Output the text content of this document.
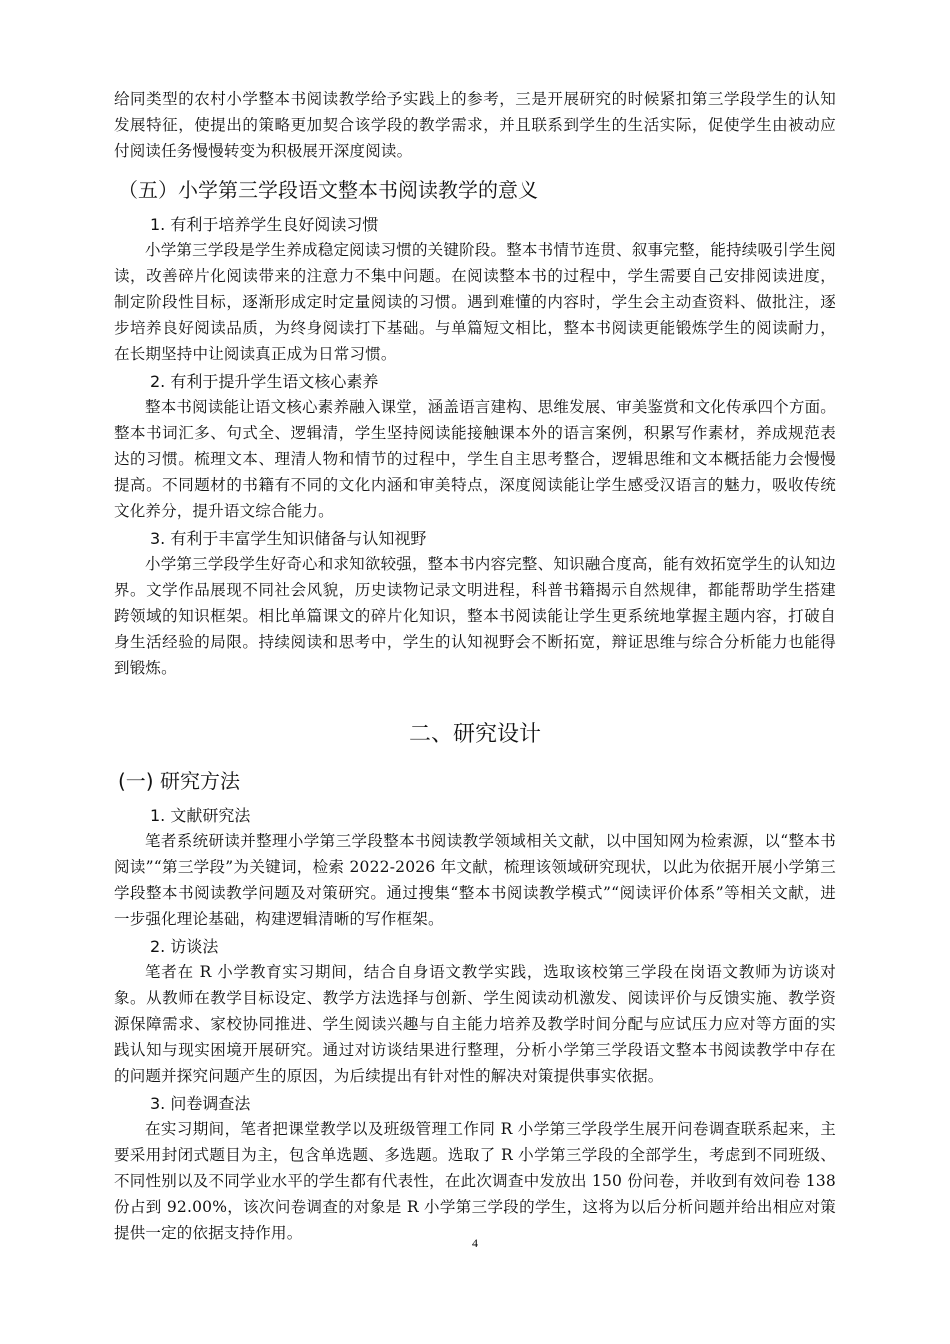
给同类型的农村小学整本书阅读教学给予实践上的参考，三是开展研究的时候紧扣第三学段学生的认知发展特征，使提出的策略更加契合该学段的教学需求，并且联系到学生的生活实际，促使学生由被动应付阅读任务慢慢转变为积极展开深度阅读。

（五）小学第三学段语文整本书阅读教学的意义
1. 有利于培养学生良好阅读习惯

小学第三学段是学生养成稳定阅读习惯的关键阶段。整本书情节连贯、叙事完整，能持续吸引学生阅读，改善碎片化阅读带来的注意力不集中问题。在阅读整本书的过程中，学生需要自己安排阅读进度，制定阶段性目标，逐渐形成定时定量阅读的习惯。遇到难懂的内容时，学生会主动查资料、做批注，逐步培养良好阅读品质，为终身阅读打下基础。与单篇短文相比，整本书阅读更能锻炼学生的阅读耐力，在长期坚持中让阅读真正成为日常习惯。

2. 有利于提升学生语文核心素养

整本书阅读能让语文核心素养融入课堂，涵盖语言建构、思维发展、审美鉴赏和文化传承四个方面。整本书词汇多、句式全、逻辑清，学生坚持阅读能接触课本外的语言案例，积累写作素材，养成规范表达的习惯。梳理文本、理清人物和情节的过程中，学生自主思考整合，逻辑思维和文本概括能力会慢慢提高。不同题材的书籍有不同的文化内涵和审美特点，深度阅读能让学生感受汉语言的魅力，吸收传统文化养分，提升语文综合能力。

3. 有利于丰富学生知识储备与认知视野

小学第三学段学生好奇心和求知欲较强，整本书内容完整、知识融合度高，能有效拓宽学生的认知边界。文学作品展现不同社会风貌，历史读物记录文明进程，科普书籍揭示自然规律，都能帮助学生搭建跨领域的知识框架。相比单篇课文的碎片化知识，整本书阅读能让学生更系统地掌握主题内容，打破自身生活经验的局限。持续阅读和思考中，学生的认知视野会不断拓宽，辩证思维与综合分析能力也能得到锻炼。

二、研究设计
(一) 研究方法
1. 文献研究法

笔者系统研读并整理小学第三学段整本书阅读教学领域相关文献，以中国知网为检索源，以“整本书阅读”“第三学段”为关键词，检索 2022-2026 年文献，梳理该领域研究现状，以此为依据开展小学第三学段整本书阅读教学问题及对策研究。通过搜集“整本书阅读教学模式”“阅读评价体系”等相关文献，进一步强化理论基础，构建逻辑清晰的写作框架。

2. 访谈法

笔者在 R 小学教育实习期间，结合自身语文教学实践，选取该校第三学段在岗语文教师为访谈对象。从教师在教学目标设定、教学方法选择与创新、学生阅读动机激发、阅读评价与反馈实施、教学资源保障需求、家校协同推进、学生阅读兴趣与自主能力培养及教学时间分配与应试压力应对等方面的实践认知与现实困境开展研究。通过对访谈结果进行整理，分析小学第三学段语文整本书阅读教学中存在的问题并探究问题产生的原因，为后续提出有针对性的解决对策提供事实依据。

3. 问卷调查法

在实习期间，笔者把课堂教学以及班级管理工作同 R 小学第三学段学生展开问卷调查联系起来，主要采用封闭式题目为主，包含单选题、多选题。选取了 R 小学第三学段的全部学生，考虑到不同班级、不同性别以及不同学业水平的学生都有代表性，在此次调查中发放出 150 份问卷，并收到有效问卷 138 份占到 92.00%，该次问卷调查的对象是 R 小学第三学段的学生，这将为以后分析问题并给出相应对策提供一定的依据支持作用。

4
